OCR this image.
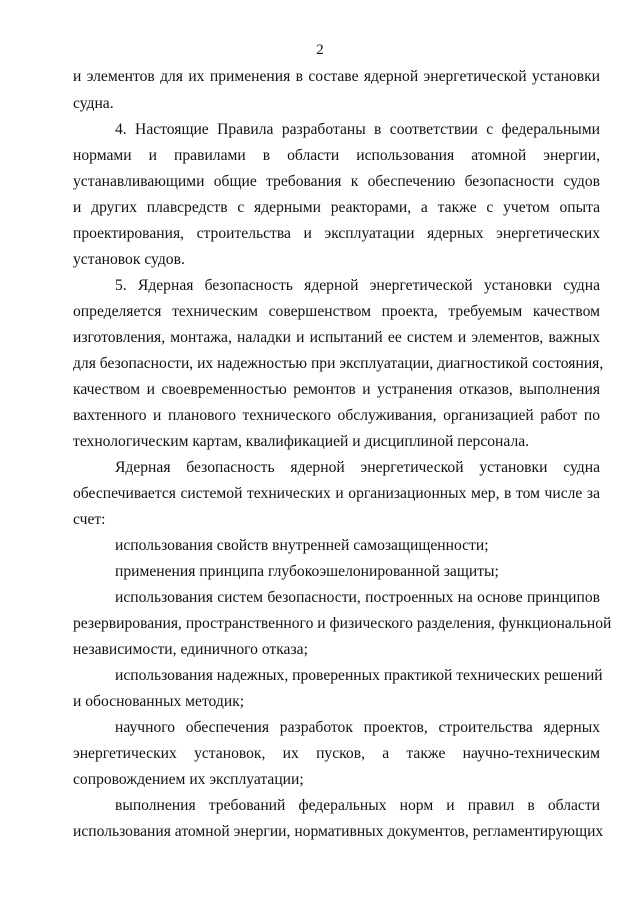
2
и элементов для их применения в составе ядерной энергетической установки
судна.
4. Настоящие Правила разработаны в соответствии с федеральными
нормами и правилами в области использования атомной энергии,
устанавливающими общие требования к обеспечению безопасности судов
и других плавсредств с ядерными реакторами, а также с учетом опыта
проектирования, строительства и эксплуатации ядерных энергетических
установок судов.
5. Ядерная безопасность ядерной энергетической установки судна
определяется техническим совершенством проекта, требуемым качеством
изготовления, монтажа, наладки и испытаний ее систем и элементов, важных
для безопасности, их надежностью при эксплуатации, диагностикой состояния,
качеством и своевременностью ремонтов и устранения отказов, выполнения
вахтенного и планового технического обслуживания, организацией работ по
технологическим картам, квалификацией и дисциплиной персонала.
Ядерная безопасность ядерной энергетической установки судна
обеспечивается системой технических и организационных мер, в том числе за
счет:
использования свойств внутренней самозащищенности;
применения принципа глубокоэшелонированной защиты;
использования систем безопасности, построенных на основе принципов
резервирования, пространственного и физического разделения, функциональной
независимости, единичного отказа;
использования надежных, проверенных практикой технических решений
и обоснованных методик;
научного обеспечения разработок проектов, строительства ядерных
энергетических установок, их пусков, а также научно-техническим
сопровождением их эксплуатации;
выполнения требований федеральных норм и правил в области
использования атомной энергии, нормативных документов, регламентирующих
